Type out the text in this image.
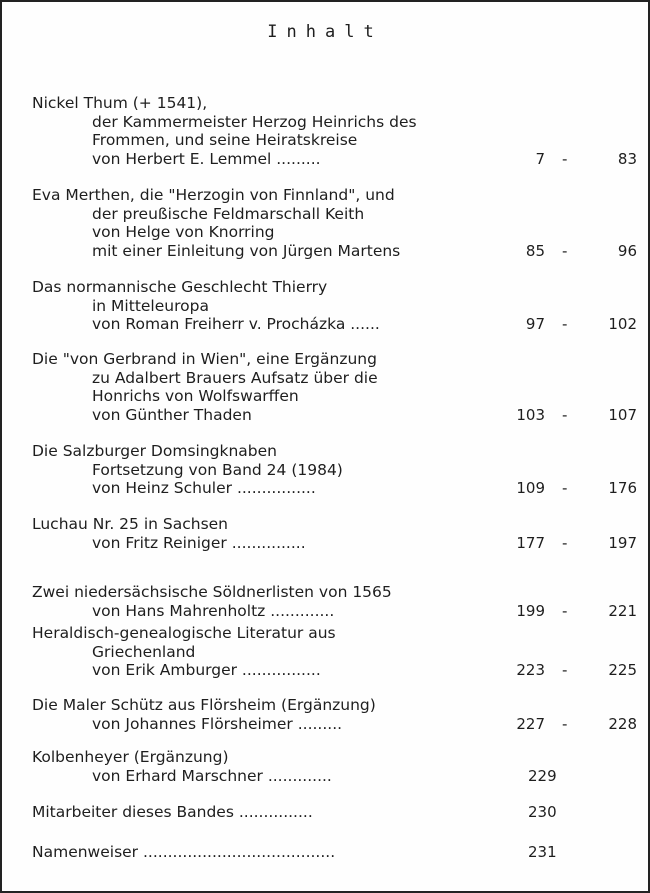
Inhalt
Nickel Thum (+ 1541),
der Kammermeister Herzog Heinrichs des
Frommen, und seine Heiratskreise
von Herbert E. Lemmel .........	7 -	83
Eva Merthen, die "Herzogin von Finnland", und
der preußische Feldmarschall Keith
von Helge von Knorring
mit einer Einleitung von Jürgen Martens	85 -	96
Das normannische Geschlecht Thierry
in Mitteleuropa
von Roman Freiherr v. Procházka ......	97 -	102
Die "von Gerbrand in Wien", eine Ergänzung
zu Adalbert Brauers Aufsatz über die
Honrichs von Wolfswarffen
von Günther Thaden	103 -	107
Die Salzburger Domsingknaben
Fortsetzung von Band 24 (1984)
von Heinz Schuler ................	109 -	176
Luchau Nr. 25 in Sachsen
von Fritz Reiniger ...............	177 -	197
Zwei niedersächsische Söldnerlisten von 1565
von Hans Mahrenholtz .............	199 -	221
Heraldisch-genealogische Literatur aus
Griechenland
von Erik Amburger ................	223 -	225
Die Maler Schütz aus Flörsheim (Ergänzung)
von Johannes Flörsheimer .........	227 -	228
Kolbenheyer (Ergänzung)
von Erhard Marschner .............	229
Mitarbeiter dieses Bandes ...............	230
Namenweiser .......................................	231
